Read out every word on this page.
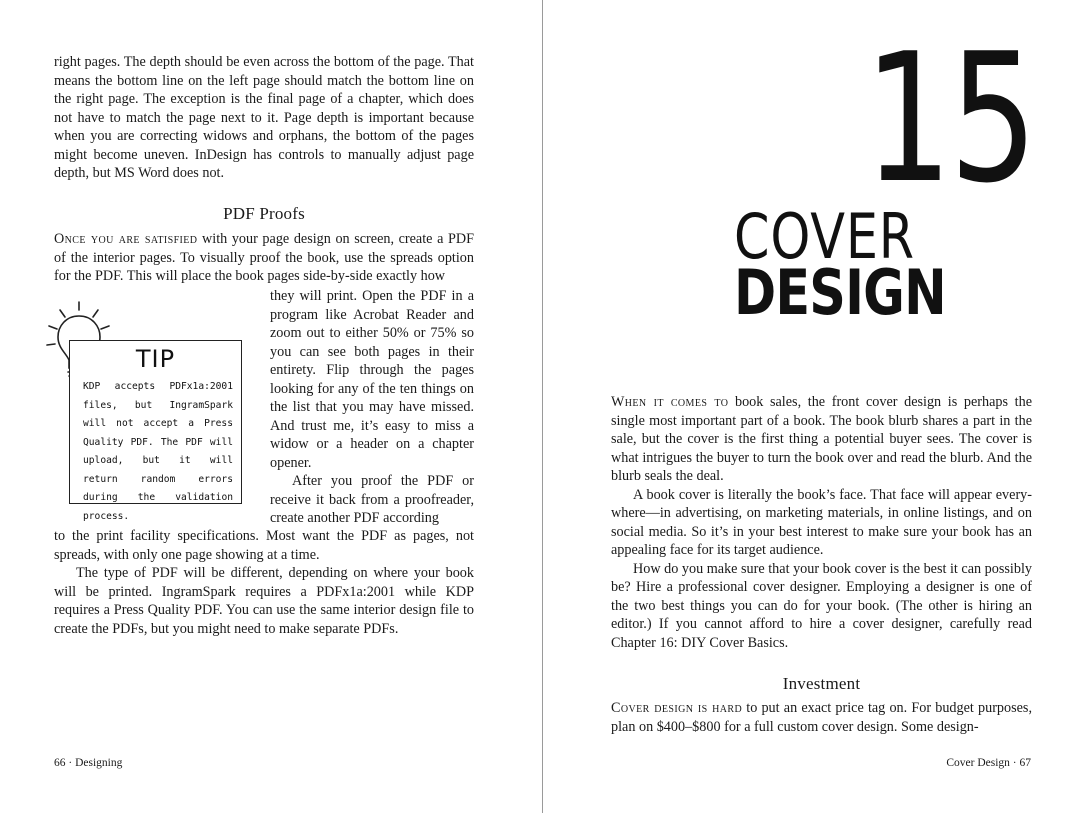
right pages. The depth should be even across the bottom of the page. That means the bottom line on the left page should match the bottom line on the right page. The exception is the final page of a chapter, which does not have to match the page next to it. Page depth is important because when you are correcting widows and orphans, the bottom of the pages might become uneven. InDesign has controls to manually adjust page depth, but MS Word does not.

PDF Proofs

Once you are satisfied with your page design on screen, create a PDF of the interior pages. To visually proof the book, use the spreads option for the PDF. This will place the book pages side-by-side exactly how

they will print. Open the PDF in a program like Acrobat Reader and zoom out to either 50% or 75% so you can see both pages in their entirety. Flip through the pages looking for any of the ten things on the list that you may have missed. And trust me, it’s easy to miss a widow or a header on a chapter opener.

After you proof the PDF or receive it back from a proofreader, create another PDF according

to the print facility specifications. Most want the PDF as pages, not spreads, with only one page showing at a time.

The type of PDF will be different, depending on where your book will be printed. IngramSpark requires a PDFx1a:2001 while KDP requires a Press Quality PDF. You can use the same interior design file to create the PDFs, but you might need to make separate PDFs.

TIP

KDP accepts PDFx1a:2001 files, but IngramSpark will not accept a Press Quality PDF. The PDF will upload, but it will return random errors during the validation process.

66 · Designing
15
COVER
DESIGN

When it comes to book sales, the front cover design is perhaps the single most important part of a book. The book blurb shares a part in the sale, but the cover is the first thing a potential buyer sees. The cover is what intrigues the buyer to turn the book over and read the blurb. And the blurb seals the deal.

A book cover is literally the book’s face. That face will appear everywhere—in advertising, on marketing materials, in online listings, and on social media. So it’s in your best interest to make sure your book has an appealing face for its target audience.

How do you make sure that your book cover is the best it can possibly be? Hire a professional cover designer. Employing a designer is one of the two best things you can do for your book. (The other is hiring an editor.) If you cannot afford to hire a cover designer, carefully read Chapter 16: DIY Cover Basics.

Investment

Cover design is hard to put an exact price tag on. For budget purposes, plan on $400–$800 for a full custom cover design. Some design-

Cover Design · 67
